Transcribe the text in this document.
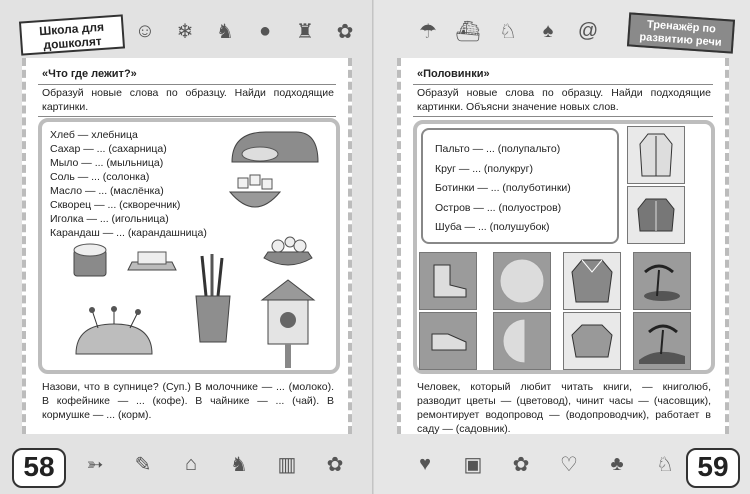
Школа для дошколят
☺ ❄ ♞	●	♜ ✿
«Что где лежит?»
Образуй новые слова по образцу. Найди подходящие картинки.
Хлеб — хлебница
Сахар — ... (сахарница)
Мыло — ... (мыльница)
Соль — ... (солонка)
Масло — ... (маслёнка)
Скворец — ... (скворечник)
Иголка — ... (игольница)
Карандаш — ... (карандашница)
Назови, что в супнице? (Суп.) В молочнике — ... (молоко). В кофейнике — ... (кофе). В чайнике — ... (чай). В кормушке — ... (корм).
58	➳ ✎	⌂	♞ ▥ ✿
☂ ⛴ ♘	♠	@	Тренажёр по развитию речи
«Половинки»
Образуй новые слова по образцу. Найди подходящие картинки. Объясни значение новых слов.
Пальто — ... (полупальто)
Круг — ... (полукруг)
Ботинки — ... (полуботинки)
Остров — ... (полуостров)
Шуба — ... (полушубок)
Человек, который любит читать книги, — книголюб, разводит цветы — (цветовод), чинит часы — (часовщик), ремонтирует водопровод — (водопроводчик), работает в саду — (садовник).
♥	▣ ✿ ♡	♣	♘ 59
